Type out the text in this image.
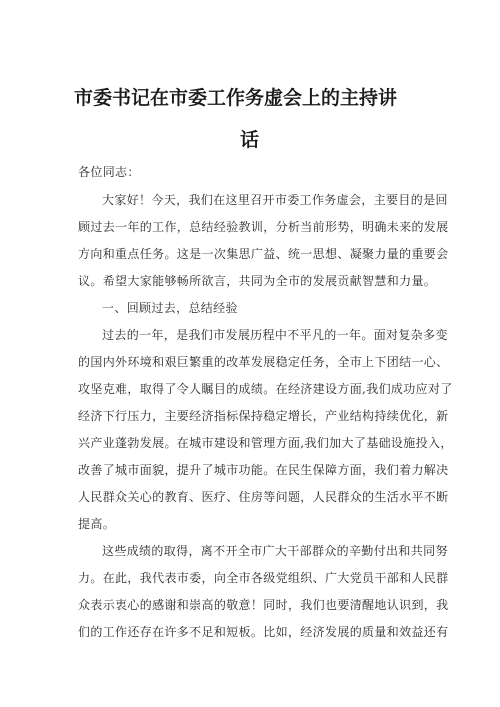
市委书记在市委工作务虚会上的主持讲
话
各位同志：
大家好！今天，我们在这里召开市委工作务虚会，主要目的是回
顾过去一年的工作，总结经验教训，分析当前形势，明确未来的发展
方向和重点任务。这是一次集思广益、统一思想、凝聚力量的重要会
议。希望大家能够畅所欲言，共同为全市的发展贡献智慧和力量。
一、回顾过去，总结经验
过去的一年，是我们市发展历程中不平凡的一年。面对复杂多变
的国内外环境和艰巨繁重的改革发展稳定任务，全市上下团结一心、
攻坚克难，取得了令人瞩目的成绩。在经济建设方面,我们成功应对了
经济下行压力，主要经济指标保持稳定增长，产业结构持续优化，新
兴产业蓬勃发展。在城市建设和管理方面,我们加大了基础设施投入，
改善了城市面貌，提升了城市功能。在民生保障方面，我们着力解决
人民群众关心的教育、医疗、住房等问题，人民群众的生活水平不断
提高。
这些成绩的取得，离不开全市广大干部群众的辛勤付出和共同努
力。在此，我代表市委，向全市各级党组织、广大党员干部和人民群
众表示衷心的感谢和崇高的敬意！同时，我们也要清醒地认识到，我
们的工作还存在许多不足和短板。比如，经济发展的质量和效益还有
